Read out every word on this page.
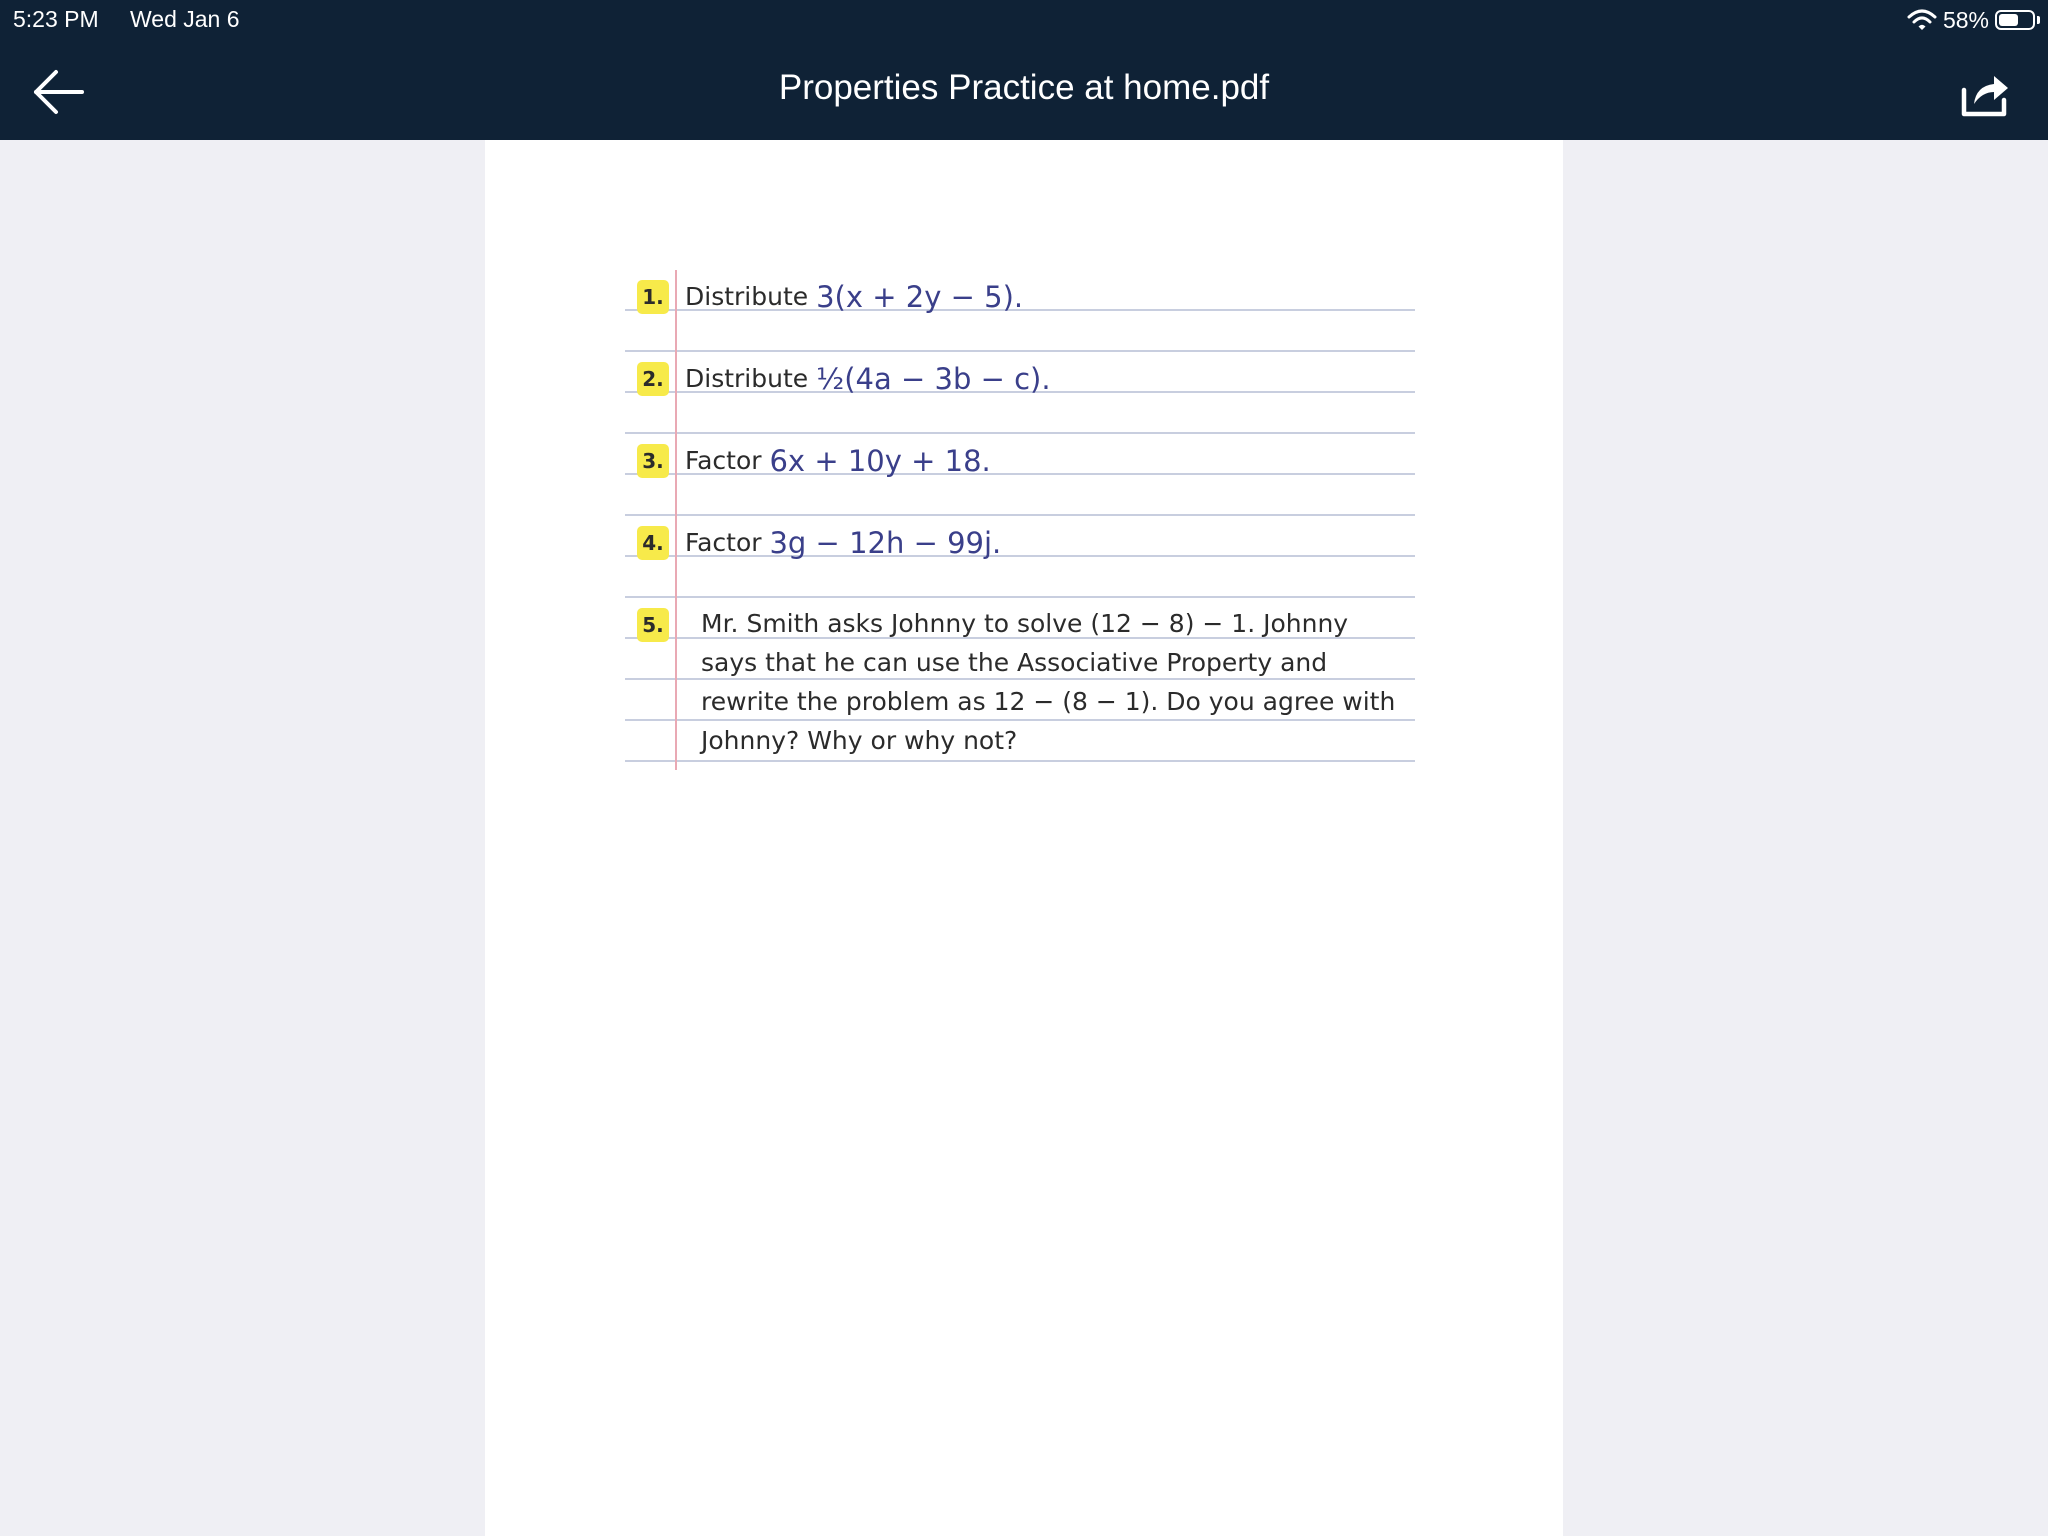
5:23 PM Wed Jan 6	58%
Properties Practice at home.pdf
1. Distribute 3(x + 2y − 5).
2. Distribute ½(4a − 3b − c).
3. Factor 6x + 10y + 18.
4. Factor 3g − 12h − 99j.
5. Mr. Smith asks Johnny to solve (12 − 8) − 1. Johnny says that he can use the Associative Property and rewrite the problem as 12 − (8 − 1). Do you agree with Johnny? Why or why not?
